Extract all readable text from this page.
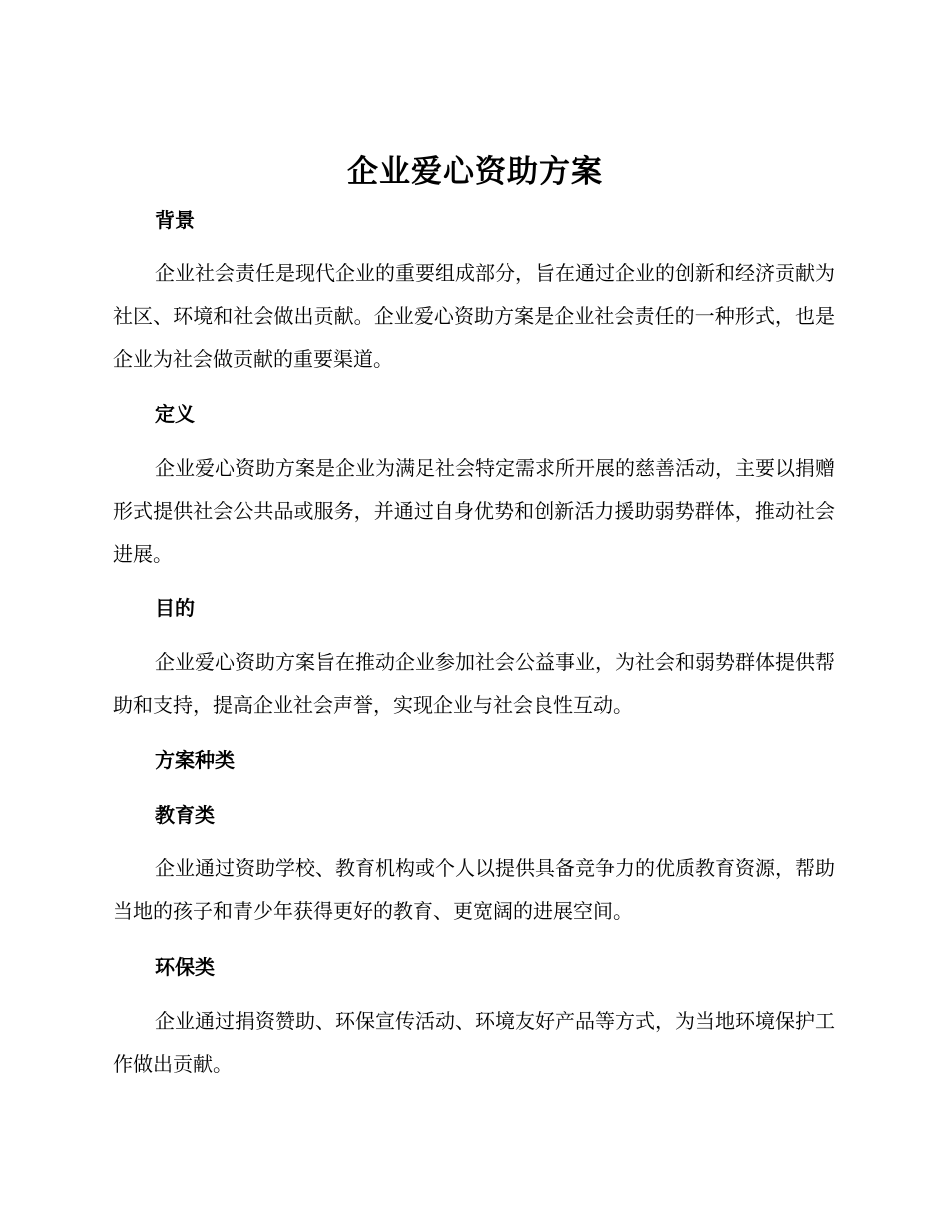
企业爱心资助方案
背景

企业社会责任是现代企业的重要组成部分，旨在通过企业的创新和经济贡献为社区、环境和社会做出贡献。企业爱心资助方案是企业社会责任的一种形式，也是企业为社会做贡献的重要渠道。

定义

企业爱心资助方案是企业为满足社会特定需求所开展的慈善活动，主要以捐赠形式提供社会公共品或服务，并通过自身优势和创新活力援助弱势群体，推动社会进展。

目的

企业爱心资助方案旨在推动企业参加社会公益事业，为社会和弱势群体提供帮助和支持，提高企业社会声誉，实现企业与社会良性互动。

方案种类
教育类

企业通过资助学校、教育机构或个人以提供具备竞争力的优质教育资源，帮助当地的孩子和青少年获得更好的教育、更宽阔的进展空间。

环保类

企业通过捐资赞助、环保宣传活动、环境友好产品等方式，为当地环境保护工作做出贡献。
